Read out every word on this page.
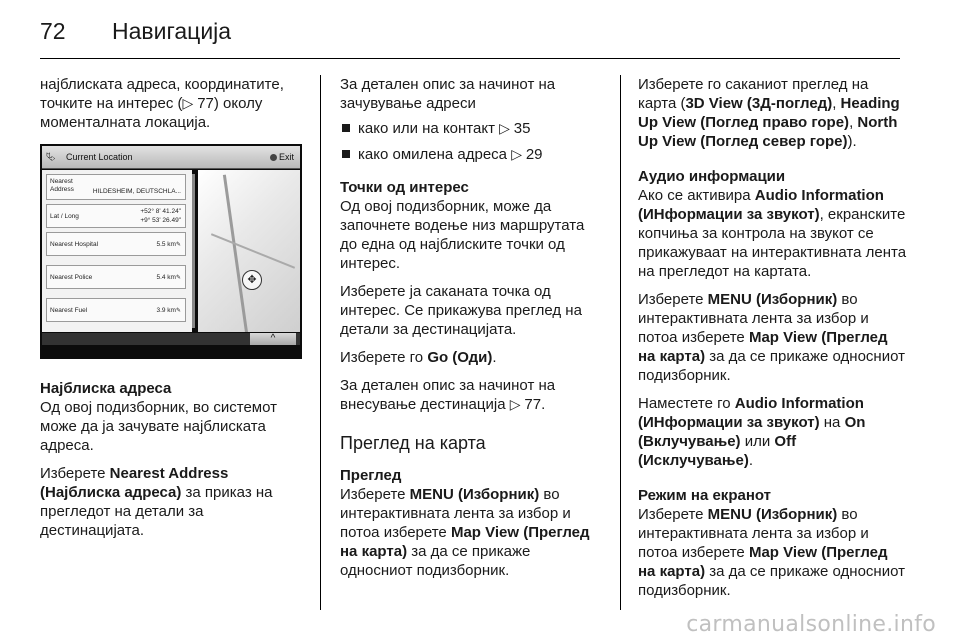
72 Навигација

најблиската адреса, координатите, точките на интерес (▷ 77) околу моменталната локација.

⮱ Current Location	Exit
Nearest Address	HILDESHEIM, DEUTSCHLA...
Lat / Long
+52° 8' 41.24"
+9° 53' 26.49"
Nearest Hospital	5.5 km✎
Nearest Police	5.4 km✎
Nearest Fuel	3.9 km✎
✥
^

Најблиска адреса

Од овој подизборник, во системот може да ја зачувате најблиската адреса.

Изберете Nearest Address (Најблиска адреса) за приказ на прегледот на детали за дестинацијата.

За детален опис за начинот на зачувување адреси

како или на контакт ▷ 35
како омилена адреса ▷ 29

Точки од интерес

Од овој подизборник, може да започнете водење низ маршрутата до една од најблиските точки од интерес.

Изберете ја саканата точка од интерес. Се прикажува преглед на детали за дестинацијата.

Изберете го Go (Оди).

За детален опис за начинот на внесување дестинација ▷ 77.

Преглед на карта

Преглед

Изберете MENU (Изборник) во интерактивната лента за избор и потоа изберете Map View (Преглед на карта) за да се прикаже односниот подизборник.

Изберете го саканиот преглед на карта (3D View (3Д-поглед), Heading Up View (Поглед право горе), North Up View (Поглед север горе)).

Аудио информации

Ако се активира Audio Information (ИНформации за звукот), екранските копчиња за контрола на звукот се прикажуваат на интерактивната лента на прегледот на картата.

Изберете MENU (Изборник) во интерактивната лента за избор и потоа изберете Map View (Преглед на карта) за да се прикаже односниот подизборник.

Наместете го Audio Information (ИНформации за звукот) на On (Вклучување) или Off (Исклучување).

Режим на екранот

Изберете MENU (Изборник) во интерактивната лента за избор и потоа изберете Map View (Преглед на карта) за да се прикаже односниот подизборник.

carmanualsonline.info
